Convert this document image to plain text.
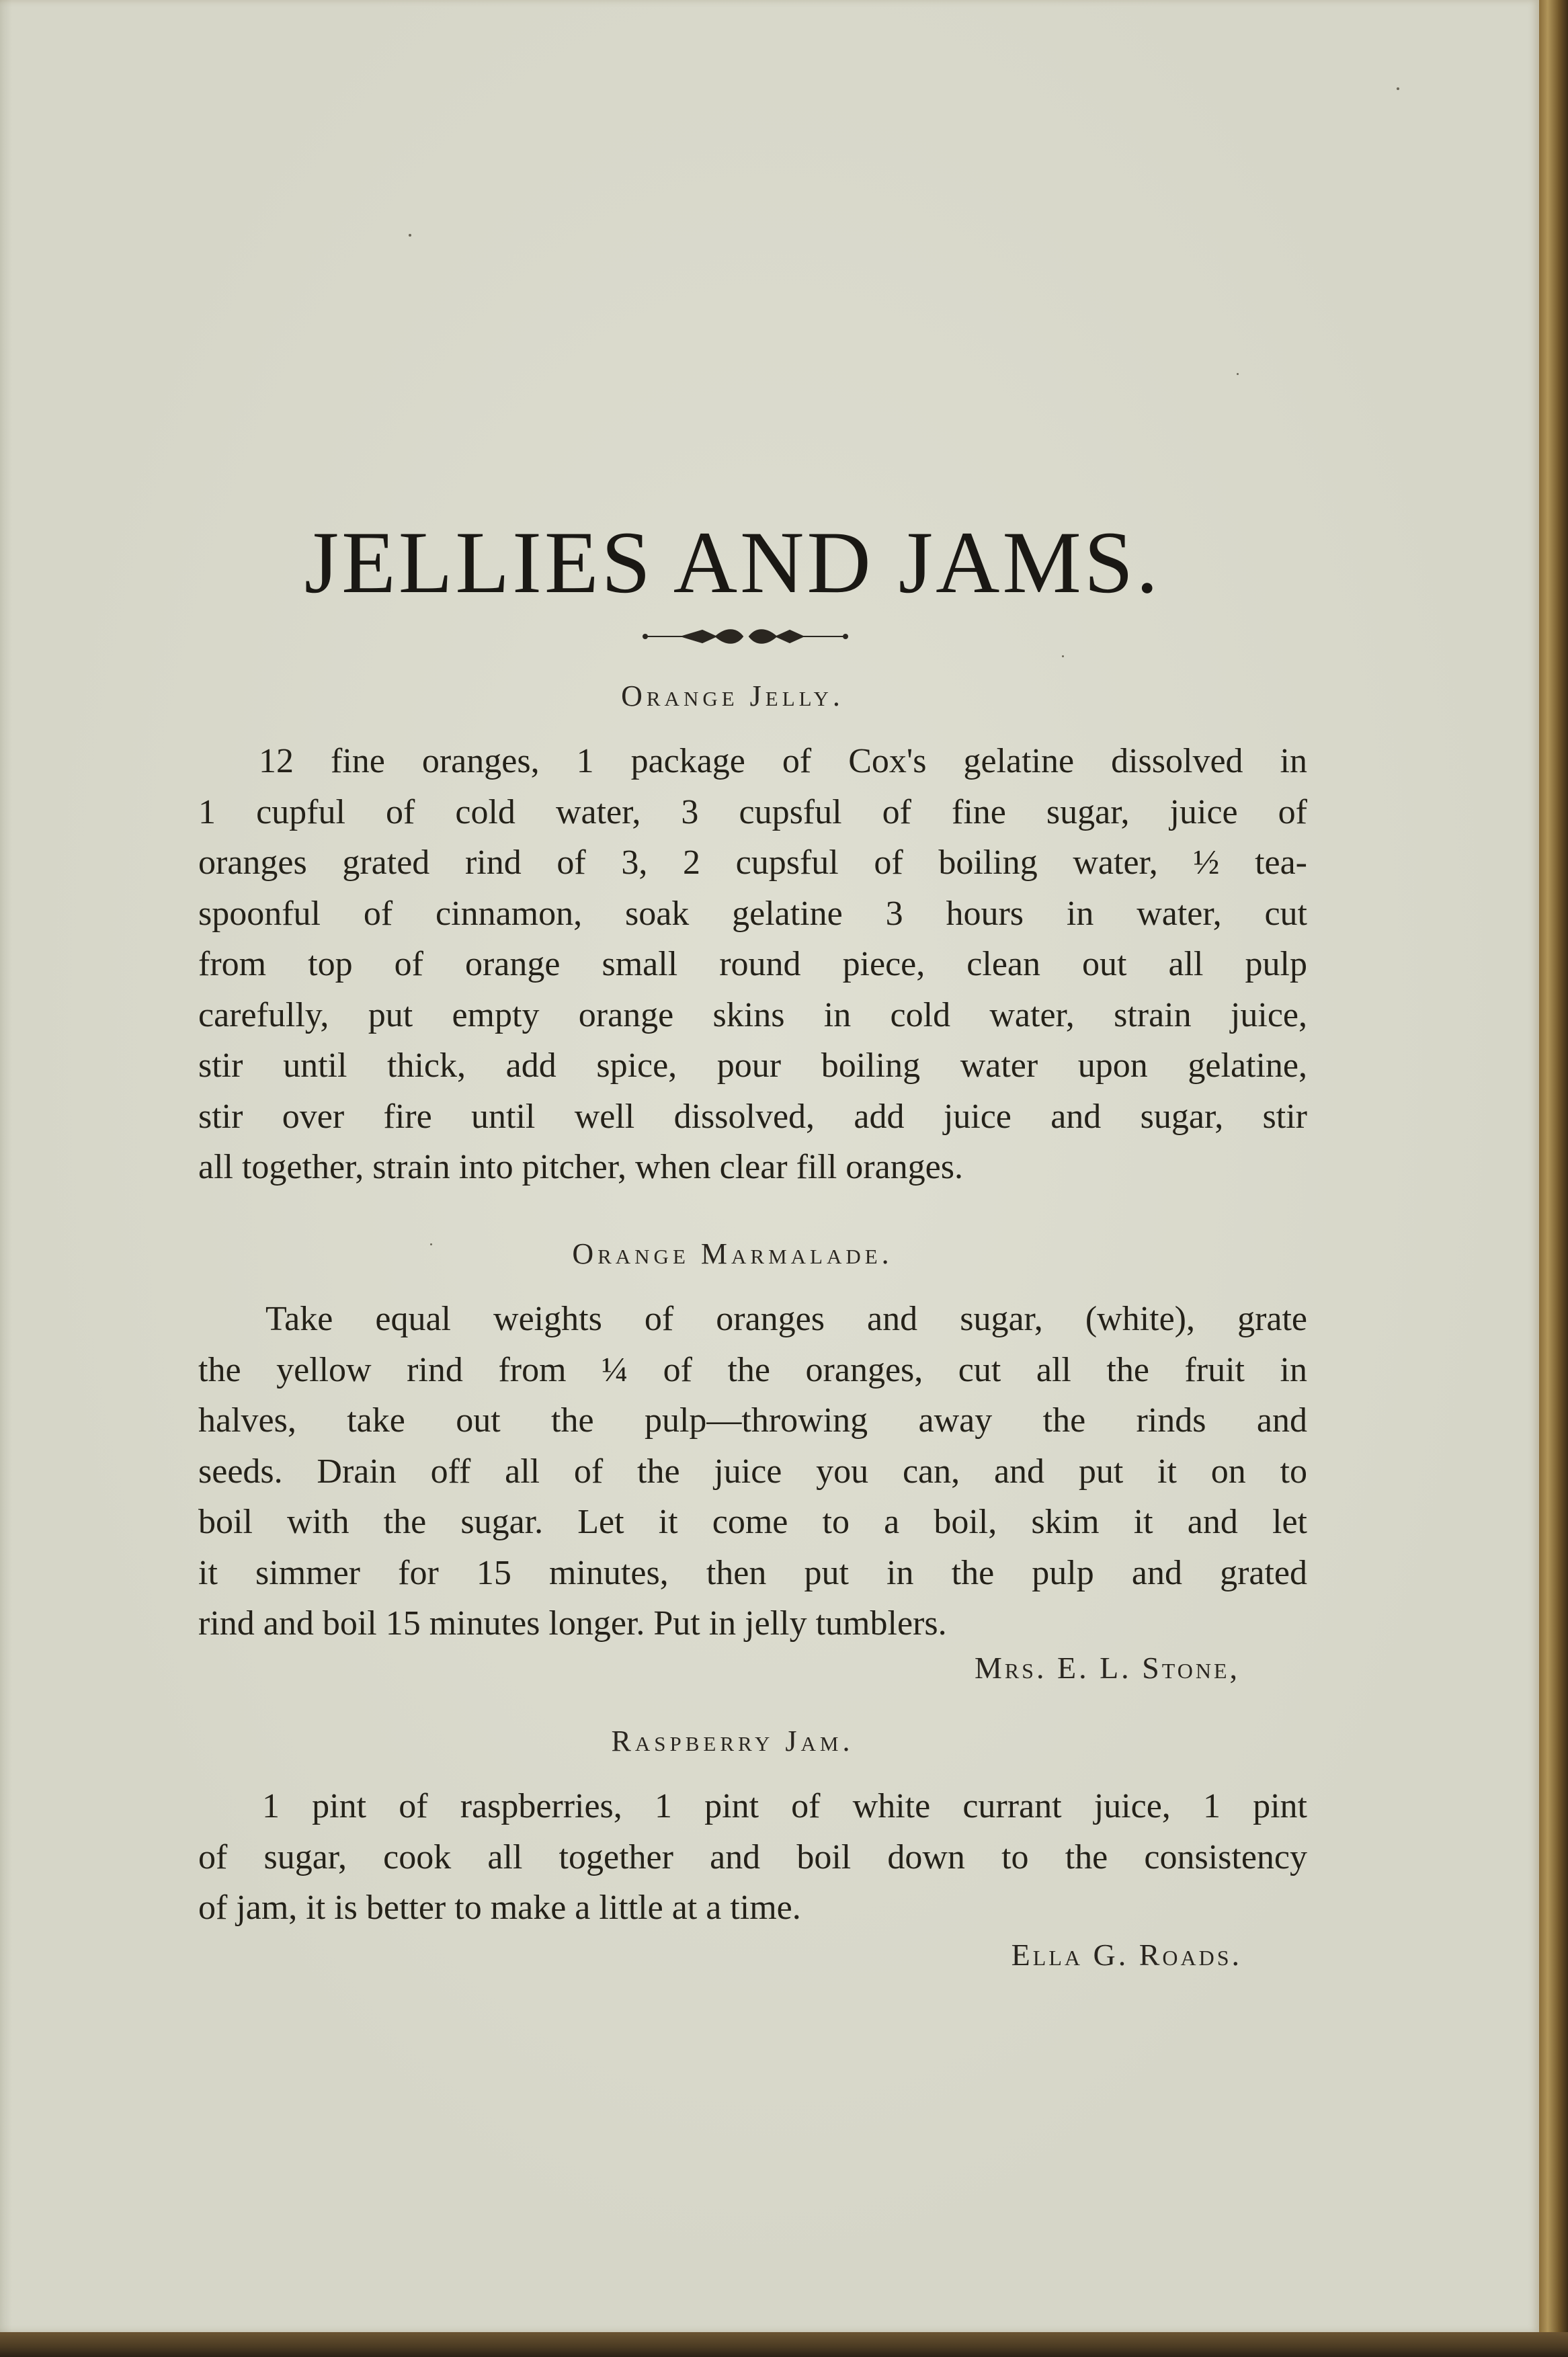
JELLIES AND JAMS.
Orange Jelly.
12 fine oranges, 1 package of Cox's gelatine dissolved in
1 cupful of cold water, 3 cupsful of fine sugar, juice of
oranges grated rind of 3, 2 cupsful of boiling water, ½ tea-
spoonful of cinnamon, soak gelatine 3 hours in water, cut
from top of orange small round piece, clean out all pulp
carefully, put empty orange skins in cold water, strain juice,
stir until thick, add spice, pour boiling water upon gelatine,
stir over fire until well dissolved, add juice and sugar, stir
all together, strain into pitcher, when clear fill oranges.
Orange Marmalade.
Take equal weights of oranges and sugar, (white), grate
the yellow rind from ¼ of the oranges, cut all the fruit in
halves, take out the pulp—throwing away the rinds and
seeds. Drain off all of the juice you can, and put it on to
boil with the sugar. Let it come to a boil, skim it and let
it simmer for 15 minutes, then put in the pulp and grated
rind and boil 15 minutes longer. Put in jelly tumblers.
Mrs. E. L. Stone,
Raspberry Jam.
1 pint of raspberries, 1 pint of white currant juice, 1 pint
of sugar, cook all together and boil down to the consistency
of jam, it is better to make a little at a time.
Ella G. Roads.
